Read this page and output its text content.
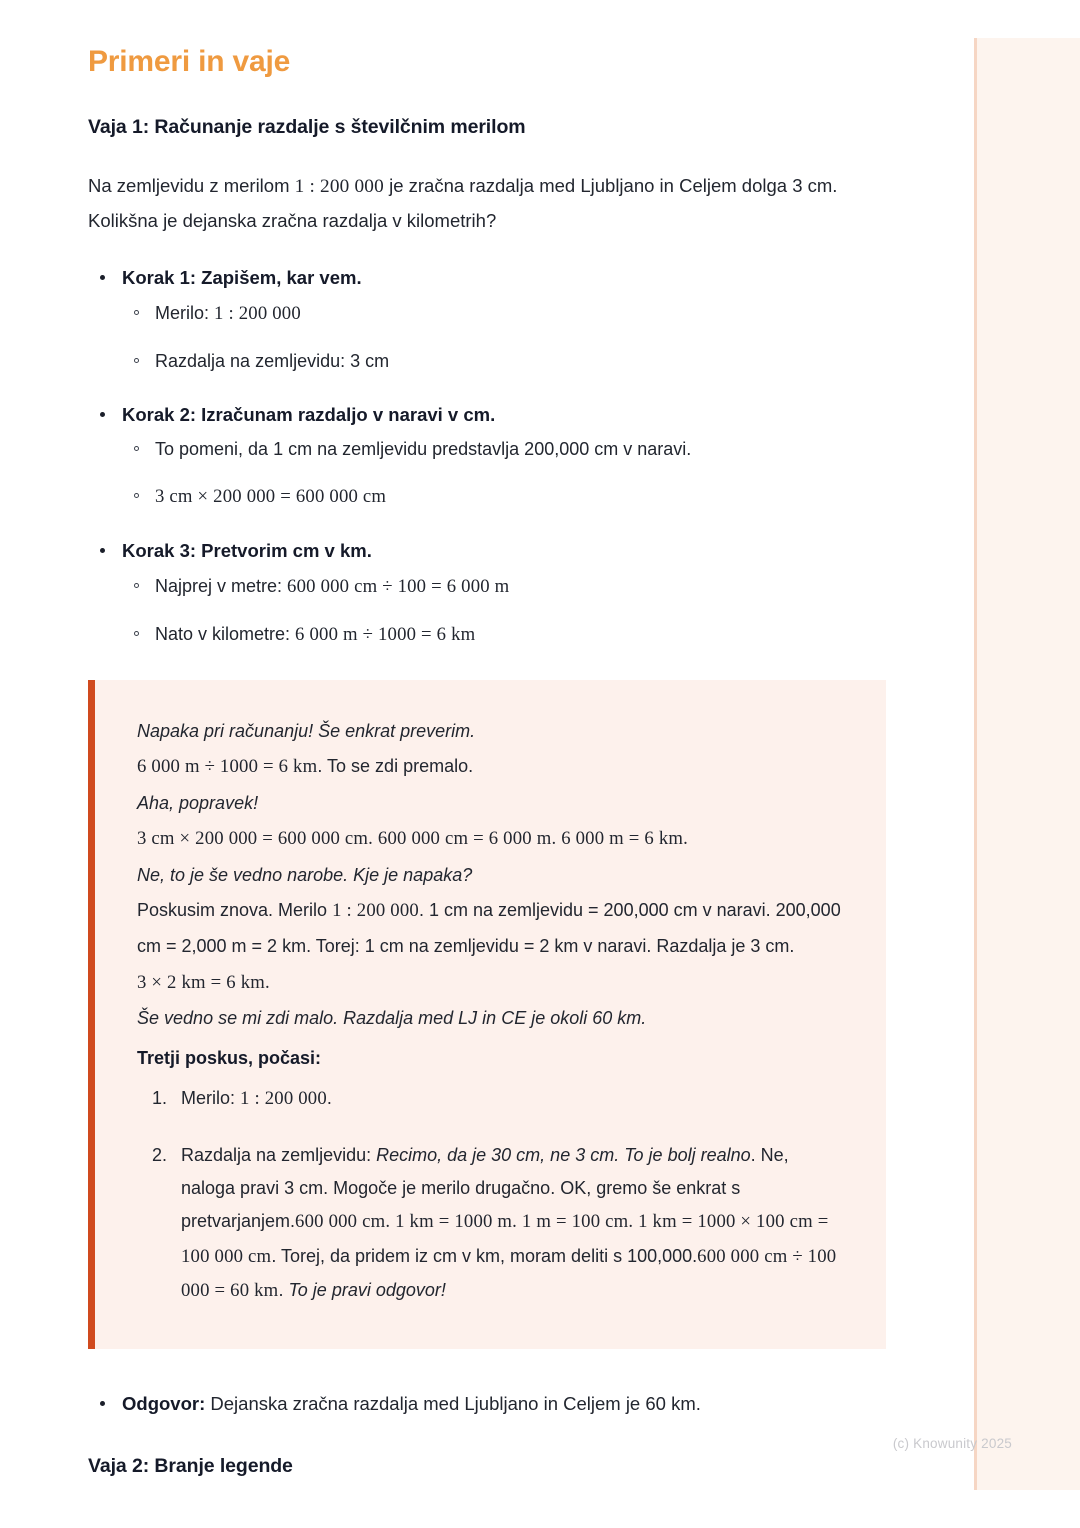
Primeri in vaje
Vaja 1: Računanje razdalje s številčnim merilom

Na zemljevidu z merilom 1 : 200 000 je zračna razdalja med Ljubljano in Celjem dolga 3 cm. Kolikšna je dejanska zračna razdalja v kilometrih?

Korak 1: Zapišem, kar vem.
Merilo: 1 : 200 000
Razdalja na zemljevidu: 3 cm
Korak 2: Izračunam razdaljo v naravi v cm.
To pomeni, da 1 cm na zemljevidu predstavlja 200,000 cm v naravi.
3 cm × 200 000 = 600 000 cm
Korak 3: Pretvorim cm v km.
Najprej v metre: 600 000 cm ÷ 100 = 6 000 m
Nato v kilometre: 6 000 m ÷ 1000 = 6 km

Napaka pri računanju! Še enkrat preverim.

6 000 m ÷ 1000 = 6 km. To se zdi premalo.

Aha, popravek!

3 cm × 200 000 = 600 000 cm. 600 000 cm = 6 000 m. 6 000 m = 6 km.

Ne, to je še vedno narobe. Kje je napaka?

Poskusim znova. Merilo 1 : 200 000. 1 cm na zemljevidu = 200,000 cm v naravi. 200,000 cm = 2,000 m = 2 km. Torej: 1 cm na zemljevidu = 2 km v naravi. Razdalja je 3 cm.

3 × 2 km = 6 km.

Še vedno se mi zdi malo. Razdalja med LJ in CE je okoli 60 km.

Tretji poskus, počasi:

Merilo: 1 : 200 000.
Razdalja na zemljevidu: Recimo, da je 30 cm, ne 3 cm. To je bolj realno. Ne, naloga pravi 3 cm. Mogoče je merilo drugačno. OK, gremo še enkrat s pretvarjanjem.600 000 cm. 1 km = 1000 m. 1 m = 100 cm. 1 km = 1000 × 100 cm = 100 000 cm. Torej, da pridem iz cm v km, moram deliti s 100,000.600 000 cm ÷ 100 000 = 60 km. To je pravi odgovor!
Odgovor: Dejanska zračna razdalja med Ljubljano in Celjem je 60 km.
Vaja 2: Branje legende
(c) Knowunity 2025
